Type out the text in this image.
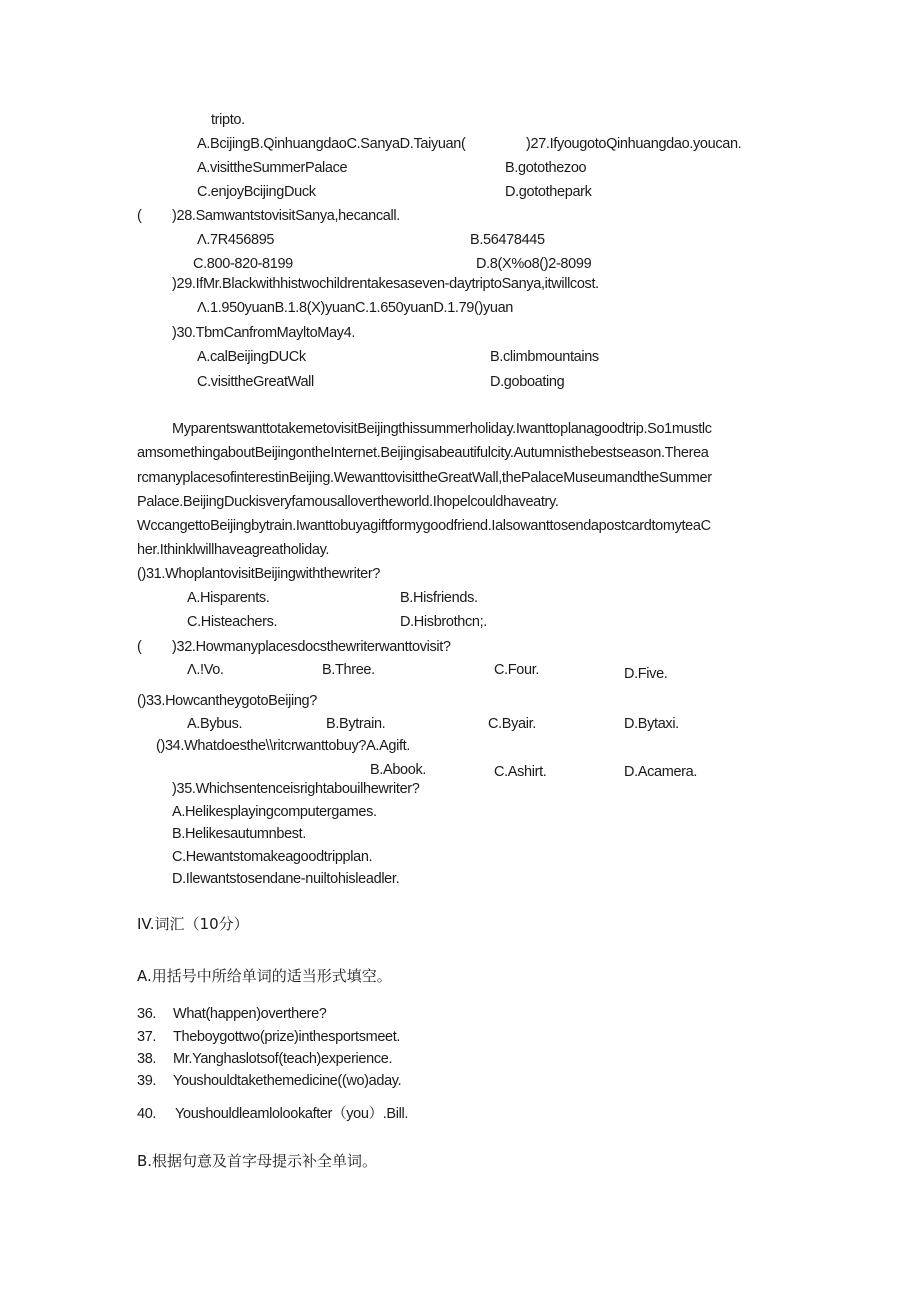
tripto.
A.BcijingB.QinhuangdaoC.SanyaD.Taiyuan(	)27.IfyougotoQinhuangdao.youcan.
A.visittheSummerPalace	B.gotothezoo
C.enjoyBcijingDuck	D.gotothepark
( )28.SamwantstovisitSanya,hecancall.
Λ.7R456895	B.56478445
C.800-820-8199	D.8(X%o8()2-8099
)29.IfMr.Blackwithhistwochildrentakesaseven-daytriptoSanya,itwillcost.
Λ.1.950yuanB.1.8(X)yuanC.1.650yuanD.1.79()yuan
)30.TbmCanfromMayltoMay4.
A.calBeijingDUCk	B.climbmountains
C.visittheGreatWall	D.goboating
MyparentswanttotakemetovisitBeijingthissummerholiday.Iwanttoplanagoodtrip.So1mustlc
amsomethingaboutBeijingontheInternet.Beijingisabeautifulcity.Autumnisthebestseason.Therea
rcmanyplacesofinterestinBeijing.WewanttovisittheGreatWall,thePalaceMuseumandtheSummer
Palace.BeijingDuckisveryfamousallovertheworld.Ihopelcouldhaveatry.
WccangettoBeijingbytrain.Iwanttobuyagiftformygoodfriend.IalsowanttosendapostcardtomyteaC
her.Ithinklwillhaveagreatholiday.
()31.WhoplantovisitBeijingwiththewriter?
A.Hisparents.	B.Hisfriends.
C.Histeachers.	D.Hisbrothcn;.
( )32.Howmanyplacesdocsthewriterwanttovisit?
Λ.!Vo.	B.Three.	C.Four.	D.Five.
()33.HowcantheygotoBeijing?
A.Bybus.	B.Bytrain.	C.Byair.	D.Bytaxi.
()34.Whatdoesthe\\ritcrwanttobuy?A.Agift.
B.Abook.	C.Ashirt.	D.Acamera.
)35.Whichsentenceisrightabouilhewriter?
A.Helikesplayingcomputergames.
B.Helikesautumnbest.
C.Hewantstomakeagoodtripplan.
D.Ilewantstosendane-nuiltohisleadler.
IV.词汇（10分）
A.用括号中所给单词的适当形式填空。
36. What(happen)overthere?
37. Theboygottwo(prize)inthesportsmeet.
38. Mr.Yanghaslotsof(teach)experience.
39. Youshouldtakethemedicine((wo)aday.
40. Youshouldleamlolookafter（you）.Bill.
B.根据句意及首字母提示补全单词。
